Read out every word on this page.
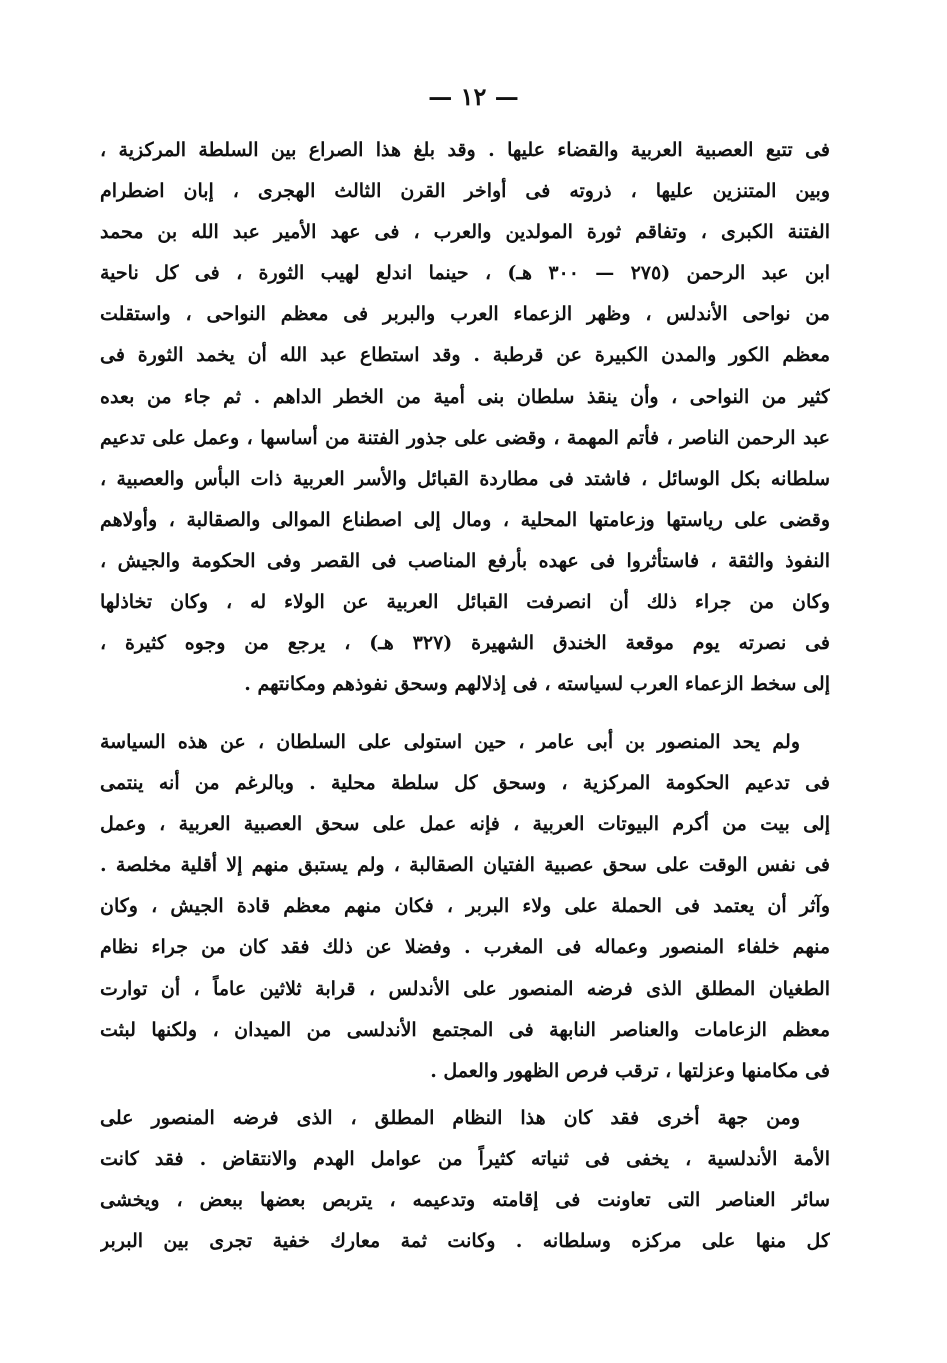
— ١٢ —
فى تتبع العصبية العربية والقضاء عليها . وقد بلغ هذا الصراع بين السلطة المركزية ،
وبين المتنزين عليها ، ذروته فى أواخر القرن الثالث الهجرى ، إبان اضطرام
الفتنة الكبرى ، وتفاقم ثورة المولدين والعرب ، فى عهد الأمير عبد الله بن محمد
ابن عبد الرحمن (٢٧٥ — ٣٠٠ هـ) ، حينما اندلع لهيب الثورة ، فى كل ناحية
من نواحى الأندلس ، وظهر الزعماء العرب والبربر فى معظم النواحى ، واستقلت
معظم الكور والمدن الكبيرة عن قرطبة . وقد استطاع عبد الله أن يخمد الثورة فى
كثير من النواحى ، وأن ينقذ سلطان بنى أمية من الخطر الداهم . ثم جاء من بعده
عبد الرحمن الناصر ، فأتم المهمة ، وقضى على جذور الفتنة من أساسها ، وعمل على تدعيم
سلطانه بكل الوسائل ، فاشتد فى مطاردة القبائل والأسر العربية ذات البأس والعصبية ،
وقضى على رياستها وزعامتها المحلية ، ومال إلى اصطناع الموالى والصقالبة ، وأولاهم
النفوذ والثقة ، فاستأثروا فى عهده بأرفع المناصب فى القصر وفى الحكومة والجيش ،
وكان من جراء ذلك أن انصرفت القبائل العربية عن الولاء له ، وكان تخاذلها
فى نصرته يوم موقعة الخندق الشهيرة (٣٢٧ هـ) ، يرجع من وجوه كثيرة ،
إلى سخط الزعماء العرب لسياسته ، فى إذلالهم وسحق نفوذهم ومكانتهم .
ولم يحد المنصور بن أبى عامر ، حين استولى على السلطان ، عن هذه السياسة
فى تدعيم الحكومة المركزية ، وسحق كل سلطة محلية . وبالرغم من أنه ينتمى
إلى بيت من أكرم البيوتات العربية ، فإنه عمل على سحق العصبية العربية ، وعمل
فى نفس الوقت على سحق عصبية الفتيان الصقالبة ، ولم يستبق منهم إلا أقلية مخلصة .
وآثر أن يعتمد فى الحملة على ولاء البربر ، فكان منهم معظم قادة الجيش ، وكان
منهم خلفاء المنصور وعماله فى المغرب . وفضلا عن ذلك فقد كان من جراء نظام
الطغيان المطلق الذى فرضه المنصور على الأندلس ، قرابة ثلاثين عاماً ، أن توارت
معظم الزعامات والعناصر النابهة فى المجتمع الأندلسى من الميدان ، ولكنها لبثت
فى مكامنها وعزلتها ، ترقب فرص الظهور والعمل .
ومن جهة أخرى فقد كان هذا النظام المطلق ، الذى فرضه المنصور على
الأمة الأندلسية ، يخفى فى ثنياته كثيراً من عوامل الهدم والانتقاض . فقد كانت
سائر العناصر التى تعاونت فى إقامته وتدعيمه ، يتربص بعضها ببعض ، ويخشى
كل منها على مركزه وسلطانه . وكانت ثمة معارك خفية تجرى بين البربر
